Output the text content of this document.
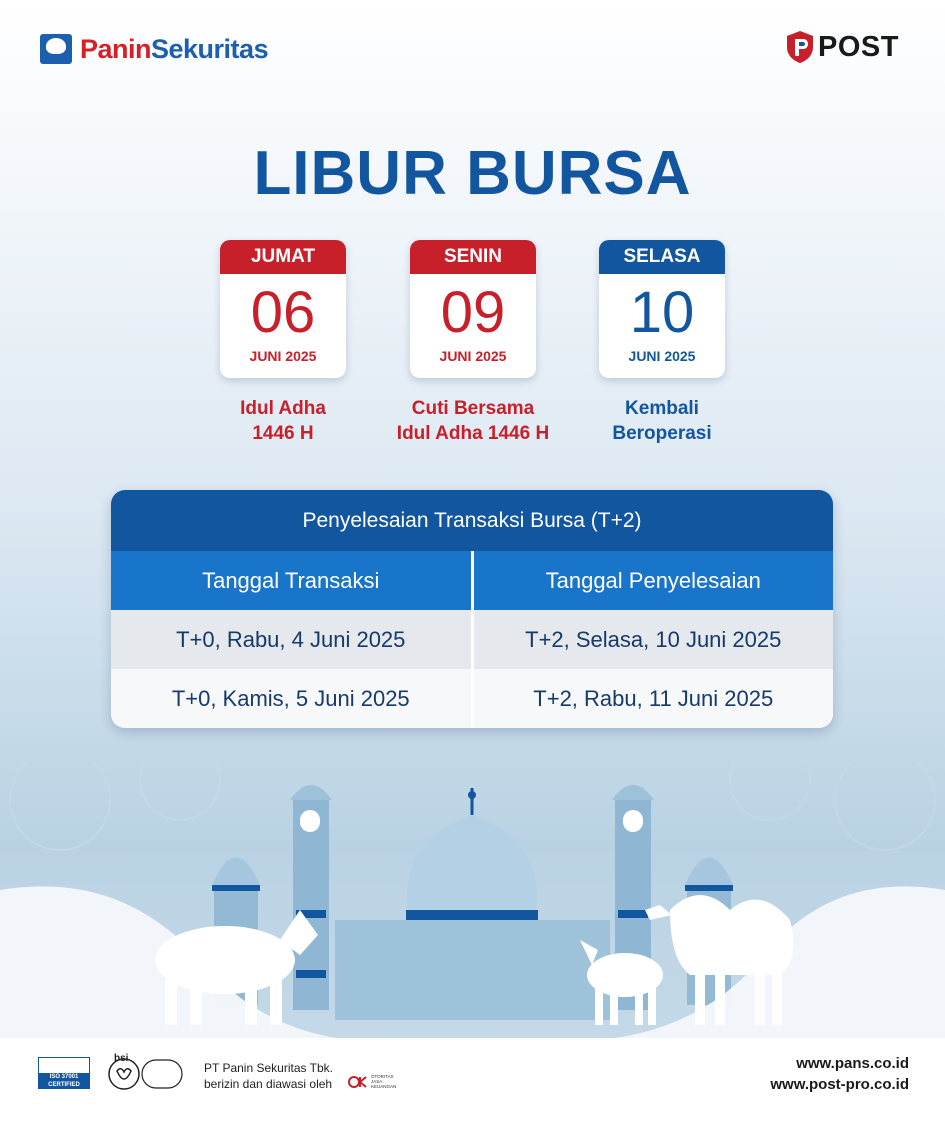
PaninSekuritas	POST
LIBUR BURSA
JUMAT
06
JUNI 2025
SENIN
09
JUNI 2025
SELASA
10
JUNI 2025
Idul Adha
1446 H
Cuti Bersama
Idul Adha 1446 H
Kembali
Beroperasi
Penyelesaian Transaksi Bursa (T+2)
Tanggal Transaksi	Tanggal Penyelesaian
T+0, Rabu, 4 Juni 2025	T+2, Selasa, 10 Juni 2025
T+0, Kamis, 5 Juni 2025	T+2, Rabu, 11 Juni 2025
ISO 37001 CERTIFIED
bsi
PT Panin Sekuritas Tbk.
berizin dan diawasi oleh
OTORITAS JASA KEUANGAN
www.pans.co.id
www.post-pro.co.id
